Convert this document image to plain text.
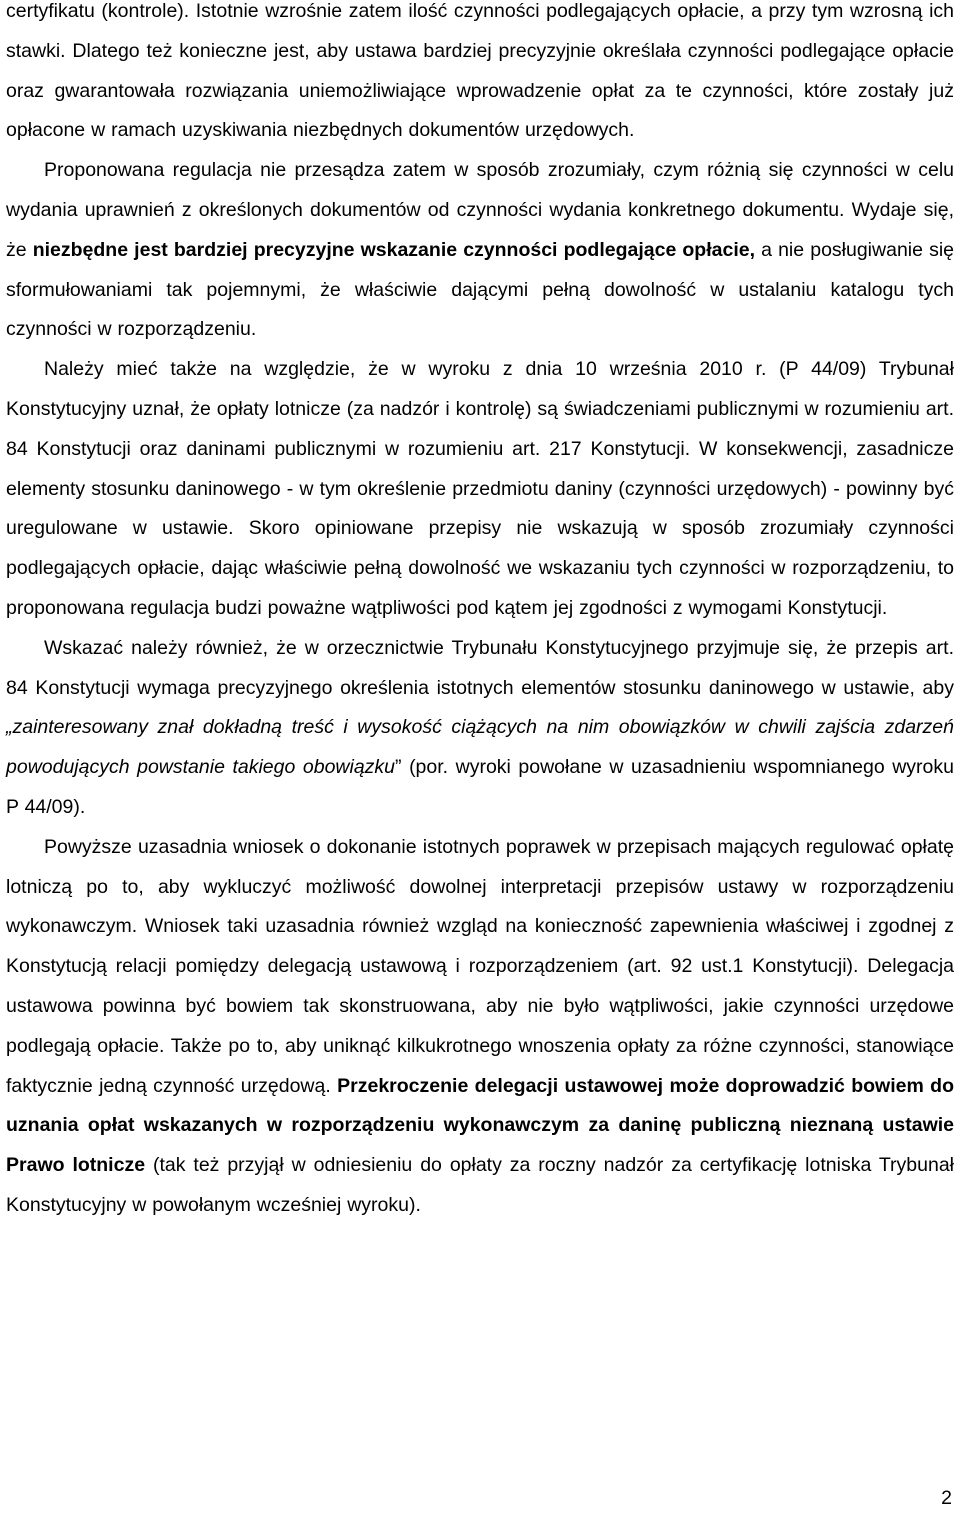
certyfikatu (kontrole). Istotnie wzrośnie zatem ilość czynności podlegających opłacie, a przy tym wzrosną ich stawki. Dlatego też konieczne jest, aby ustawa bardziej precyzyjnie określała czynności podlegające opłacie oraz gwarantowała rozwiązania uniemożliwiające wprowadzenie opłat za te czynności, które zostały już opłacone w ramach uzyskiwania niezbędnych dokumentów urzędowych.

Proponowana regulacja nie przesądza zatem w sposób zrozumiały, czym różnią się czynności w celu wydania uprawnień z określonych dokumentów od czynności wydania konkretnego dokumentu. Wydaje się, że niezbędne jest bardziej precyzyjne wskazanie czynności podlegające opłacie, a nie posługiwanie się sformułowaniami tak pojemnymi, że właściwie dającymi pełną dowolność w ustalaniu katalogu tych czynności w rozporządzeniu.

Należy mieć także na względzie, że w wyroku z dnia 10 września 2010 r. (P 44/09) Trybunał Konstytucyjny uznał, że opłaty lotnicze (za nadzór i kontrolę) są świadczeniami publicznymi w rozumieniu art. 84 Konstytucji oraz daninami publicznymi w rozumieniu art. 217 Konstytucji. W konsekwencji, zasadnicze elementy stosunku daninowego - w tym określenie przedmiotu daniny (czynności urzędowych) - powinny być uregulowane w ustawie. Skoro opiniowane przepisy nie wskazują w sposób zrozumiały czynności podlegających opłacie, dając właściwie pełną dowolność we wskazaniu tych czynności w rozporządzeniu, to proponowana regulacja budzi poważne wątpliwości pod kątem jej zgodności z wymogami Konstytucji.

Wskazać należy również, że w orzecznictwie Trybunału Konstytucyjnego przyjmuje się, że przepis art. 84 Konstytucji wymaga precyzyjnego określenia istotnych elementów stosunku daninowego w ustawie, aby „zainteresowany znał dokładną treść i wysokość ciążących na nim obowiązków w chwili zajścia zdarzeń powodujących powstanie takiego obowiązku” (por. wyroki powołane w uzasadnieniu wspomnianego wyroku P 44/09).

Powyższe uzasadnia wniosek o dokonanie istotnych poprawek w przepisach mających regulować opłatę lotniczą po to, aby wykluczyć możliwość dowolnej interpretacji przepisów ustawy w rozporządzeniu wykonawczym. Wniosek taki uzasadnia również wzgląd na konieczność zapewnienia właściwej i zgodnej z Konstytucją relacji pomiędzy delegacją ustawową i rozporządzeniem (art. 92 ust.1 Konstytucji). Delegacja ustawowa powinna być bowiem tak skonstruowana, aby nie było wątpliwości, jakie czynności urzędowe podlegają opłacie. Także po to, aby uniknąć kilkukrotnego wnoszenia opłaty za różne czynności, stanowiące faktycznie jedną czynność urzędową. Przekroczenie delegacji ustawowej może doprowadzić bowiem do uznania opłat wskazanych w rozporządzeniu wykonawczym za daninę publiczną nieznaną ustawie Prawo lotnicze (tak też przyjął w odniesieniu do opłaty za roczny nadzór za certyfikację lotniska Trybunał Konstytucyjny w powołanym wcześniej wyroku).

2
